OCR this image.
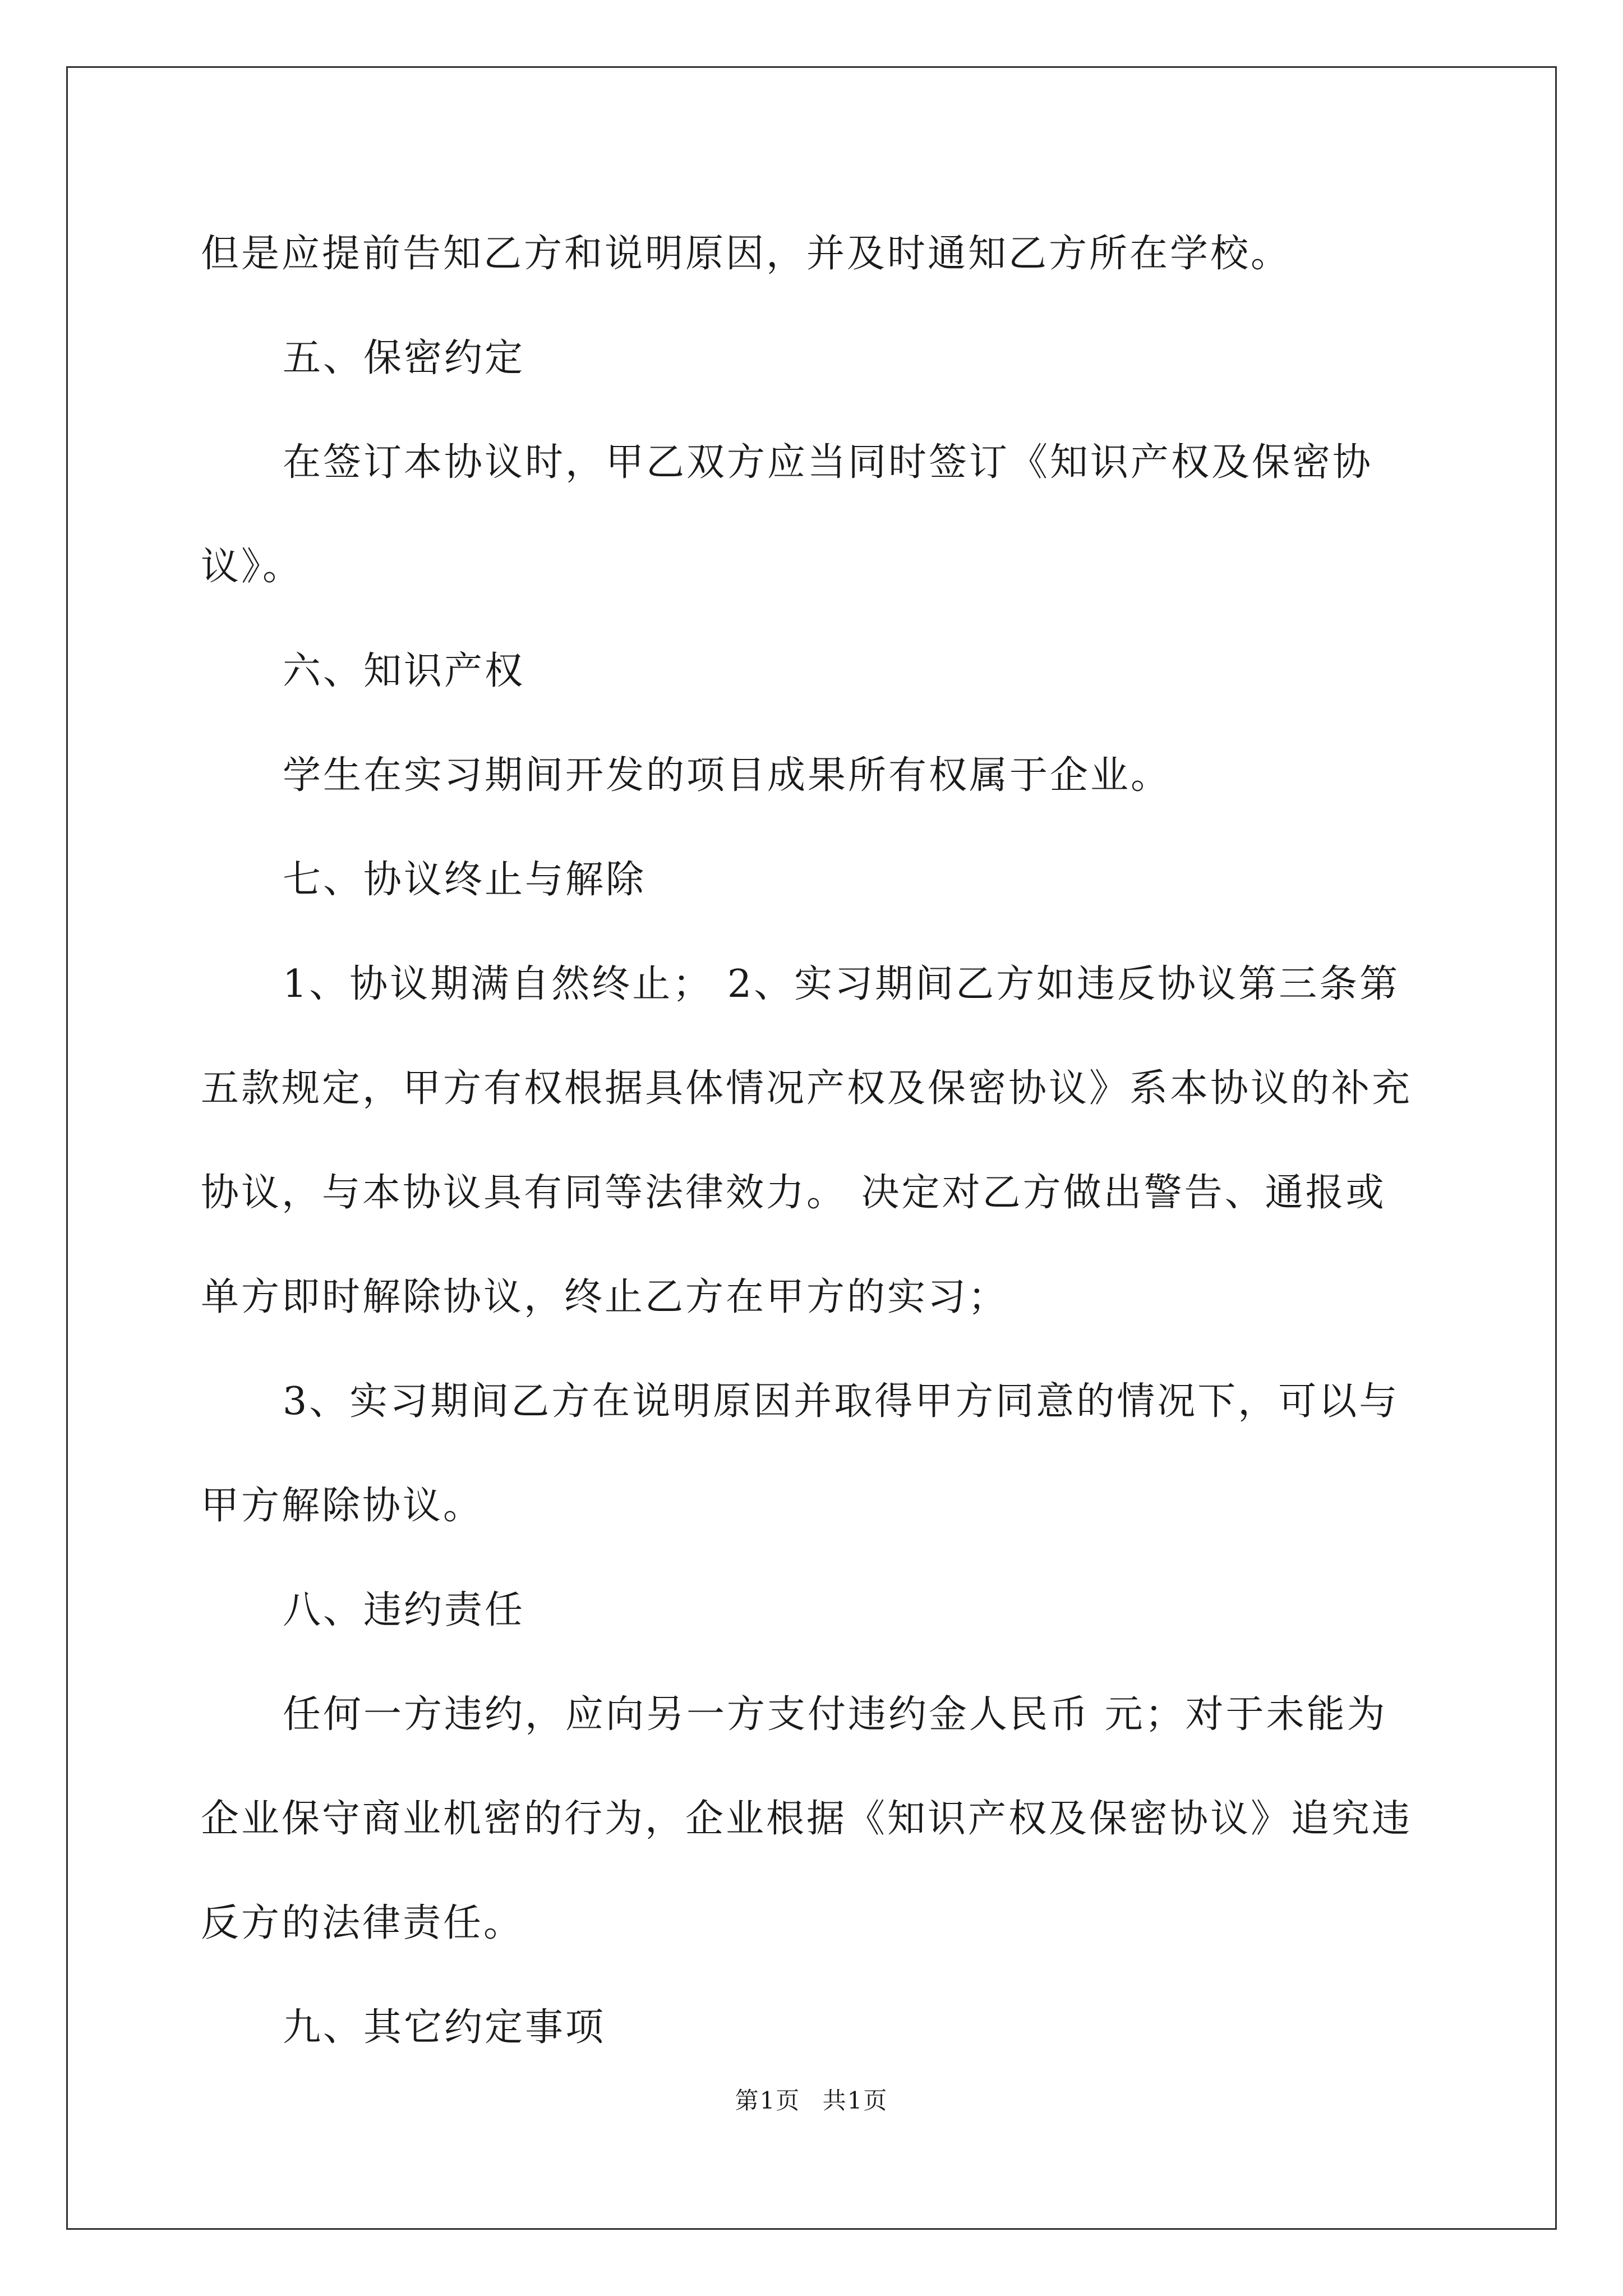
但是应提前告知乙方和说明原因，并及时通知乙方所在学校。

五、保密约定

在签订本协议时，甲乙双方应当同时签订《知识产权及保密协议》。

六、知识产权

学生在实习期间开发的项目成果所有权属于企业。

七、协议终止与解除

1、协议期满自然终止； 2、实习期间乙方如违反协议第三条第五款规定，甲方有权根据具体情况产权及保密协议》系本协议的补充协议，与本协议具有同等法律效力。 决定对乙方做出警告、通报或单方即时解除协议，终止乙方在甲方的实习；

3、实习期间乙方在说明原因并取得甲方同意的情况下，可以与甲方解除协议。

八、违约责任

任何一方违约，应向另一方支付违约金人民币 元；对于未能为企业保守商业机密的行为，企业根据《知识产权及保密协议》追究违反方的法律责任。

九、其它约定事项

第1页 共1页
